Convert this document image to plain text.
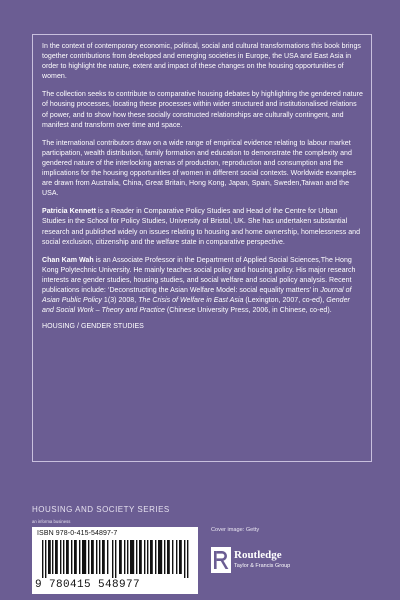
In the context of contemporary economic, political, social and cultural transformations this book brings together contributions from developed and emerging societies in Europe, the USA and East Asia in order to highlight the nature, extent and impact of these changes on the housing opportunities of women.

The collection seeks to contribute to comparative housing debates by highlighting the gendered nature of housing processes, locating these processes within wider structured and institutionalised relations of power, and to show how these socially constructed relationships are culturally contingent, and manifest and transform over time and space.

The international contributors draw on a wide range of empirical evidence relating to labour market participation, wealth distribution, family formation and education to demonstrate the complexity and gendered nature of the interlocking arenas of production, reproduction and consumption and the implications for the housing opportunities of women in different social contexts. Worldwide examples are drawn from Australia, China, Great Britain, Hong Kong, Japan, Spain, Sweden,Taiwan and the USA.

Patricia Kennett is a Reader in Comparative Policy Studies and Head of the Centre for Urban Studies in the School for Policy Studies, University of Bristol, UK. She has undertaken substantial research and published widely on issues relating to housing and home ownership, homelessness and social exclusion, citizenship and the welfare state in comparative perspective.

Chan Kam Wah is an Associate Professor in the Department of Applied Social Sciences,The Hong Kong Polytechnic University. He mainly teaches social policy and housing policy. His major research interests are gender studies, housing studies, and social welfare and social policy analysis. Recent publications include: ‘Deconstructing the Asian Welfare Model: social equality matters’ in Journal of Asian Public Policy 1(3) 2008, The Crisis of Welfare in East Asia (Lexington, 2007, co-ed), Gender and Social Work – Theory and Practice (Chinese University Press, 2006, in Chinese, co-ed).

HOUSING / GENDER STUDIES

HOUSING AND SOCIETY SERIES
an informa business
Cover image: Getty
ISBN 978-0-415-54897-7
9 780415 548977
Routledge
Taylor & Francis Group
